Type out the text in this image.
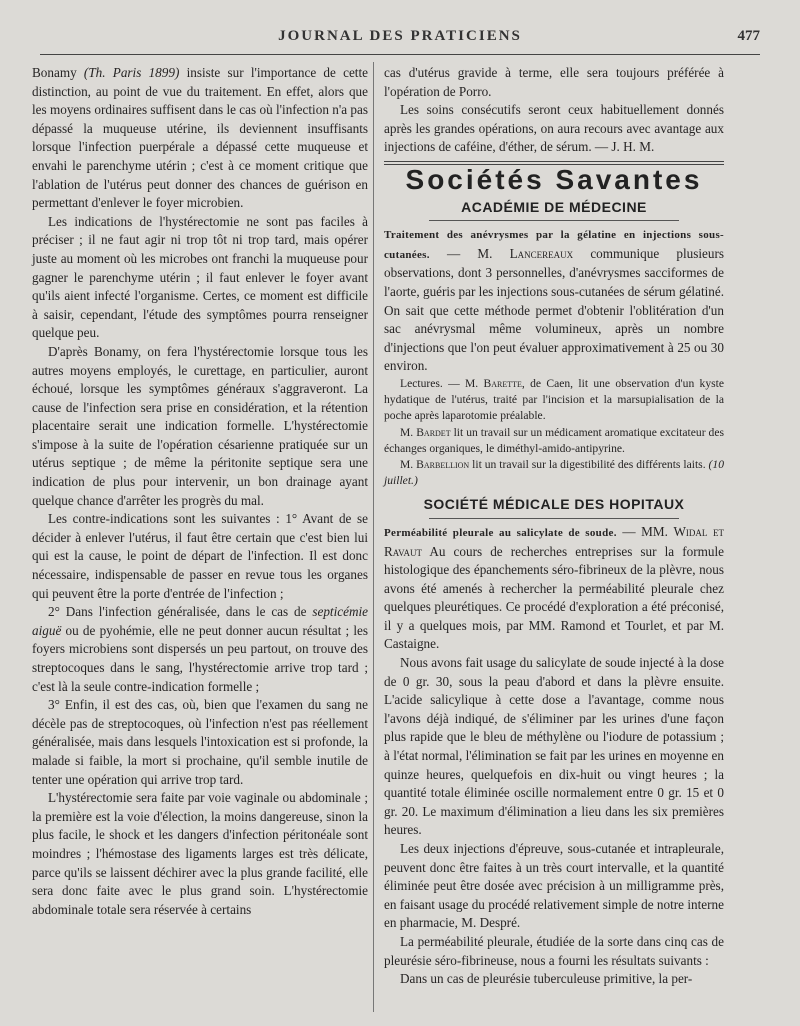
JOURNAL DES PRATICIENS	477

Bonamy (Th. Paris 1899) insiste sur l'importance de cette distinction, au point de vue du traitement. En effet, alors que les moyens ordinaires suffisent dans le cas où l'infection n'a pas dépassé la muqueuse utérine, ils deviennent insuffisants lorsque l'infection puerpérale a dépassé cette muqueuse et envahi le parenchyme utérin ; c'est à ce moment critique que l'ablation de l'utérus peut donner des chances de guérison en permettant d'enlever le foyer microbien.

Les indications de l'hystérectomie ne sont pas faciles à préciser ; il ne faut agir ni trop tôt ni trop tard, mais opérer juste au moment où les microbes ont franchi la muqueuse pour gagner le parenchyme utérin ; il faut enlever le foyer avant qu'ils aient infecté l'organisme. Certes, ce moment est difficile à saisir, cependant, l'étude des symptômes pourra renseigner quelque peu.

D'après Bonamy, on fera l'hystérectomie lorsque tous les autres moyens employés, le curettage, en particulier, auront échoué, lorsque les symptômes généraux s'aggraveront. La cause de l'infection sera prise en considération, et la rétention placentaire serait une indication formelle. L'hystérectomie s'impose à la suite de l'opération césarienne pratiquée sur un utérus septique ; de même la péritonite septique sera une indication de plus pour intervenir, un bon drainage ayant quelque chance d'arrêter les progrès du mal.

Les contre-indications sont les suivantes : 1° Avant de se décider à enlever l'utérus, il faut être certain que c'est bien lui qui est la cause, le point de départ de l'infection. Il est donc nécessaire, indispensable de passer en revue tous les organes qui peuvent être la porte d'entrée de l'infection ;

2° Dans l'infection généralisée, dans le cas de septicémie aiguë ou de pyohémie, elle ne peut donner aucun résultat ; les foyers microbiens sont dispersés un peu partout, on trouve des streptocoques dans le sang, l'hystérectomie arrive trop tard ; c'est là la seule contre-indication formelle ;

3° Enfin, il est des cas, où, bien que l'examen du sang ne décèle pas de streptocoques, où l'infection n'est pas réellement généralisée, mais dans lesquels l'intoxication est si profonde, la malade si faible, la mort si prochaine, qu'il semble inutile de tenter une opération qui arrive trop tard.

L'hystérectomie sera faite par voie vaginale ou abdominale ; la première est la voie d'élection, la moins dangereuse, sinon la plus facile, le shock et les dangers d'infection péritonéale sont moindres ; l'hémostase des ligaments larges est très délicate, parce qu'ils se laissent déchirer avec la plus grande facilité, elle sera donc faite avec le plus grand soin. L'hystérectomie abdominale totale sera réservée à certains

cas d'utérus gravide à terme, elle sera toujours préférée à l'opération de Porro.

Les soins consécutifs seront ceux habituellement donnés après les grandes opérations, on aura recours avec avantage aux injections de caféine, d'éther, de sérum. — J. H. M.

Sociétés Savantes
ACADÉMIE DE MÉDECINE

Traitement des anévrysmes par la gélatine en injections sous-cutanées. — M. Lancereaux communique plusieurs observations, dont 3 personnelles, d'anévrysmes sacciformes de l'aorte, guéris par les injections sous-cutanées de sérum gélatiné. On sait que cette méthode permet d'obtenir l'oblitération d'un sac anévrysmal même volumineux, après un nombre d'injections que l'on peut évaluer approximativement à 25 ou 30 environ.

Lectures. — M. Barette, de Caen, lit une observation d'un kyste hydatique de l'utérus, traité par l'incision et la marsupialisation de la poche après laparotomie préalable.

M. Bardet lit un travail sur un médicament aromatique excitateur des échanges organiques, le diméthyl-amido-antipyrine.

M. Barbellion lit un travail sur la digestibilité des différents laits. (10 juillet.)

SOCIÉTÉ MÉDICALE DES HOPITAUX

Perméabilité pleurale au salicylate de soude. — MM. Widal et Ravaut Au cours de recherches entreprises sur la formule histologique des épanchements séro-fibrineux de la plèvre, nous avons été amenés à rechercher la perméabilité pleurale chez quelques pleurétiques. Ce procédé d'exploration a été préconisé, il y a quelques mois, par MM. Ramond et Tourlet, et par M. Castaigne.

Nous avons fait usage du salicylate de soude injecté à la dose de 0 gr. 30, sous la peau d'abord et dans la plèvre ensuite. L'acide salicylique à cette dose a l'avantage, comme nous l'avons déjà indiqué, de s'éliminer par les urines d'une façon plus rapide que le bleu de méthylène ou l'iodure de potassium ; à l'état normal, l'élimination se fait par les urines en moyenne en quinze heures, quelquefois en dix-huit ou vingt heures ; la quantité totale éliminée oscille normalement entre 0 gr. 15 et 0 gr. 20. Le maximum d'élimination a lieu dans les six premières heures.

Les deux injections d'épreuve, sous-cutanée et intrapleurale, peuvent donc être faites à un très court intervalle, et la quantité éliminée peut être dosée avec précision à un milligramme près, en faisant usage du procédé relativement simple de notre interne en pharmacie, M. Despré.

La perméabilité pleurale, étudiée de la sorte dans cinq cas de pleurésie séro-fibrineuse, nous a fourni les résultats suivants :

Dans un cas de pleurésie tuberculeuse primitive, la per-
